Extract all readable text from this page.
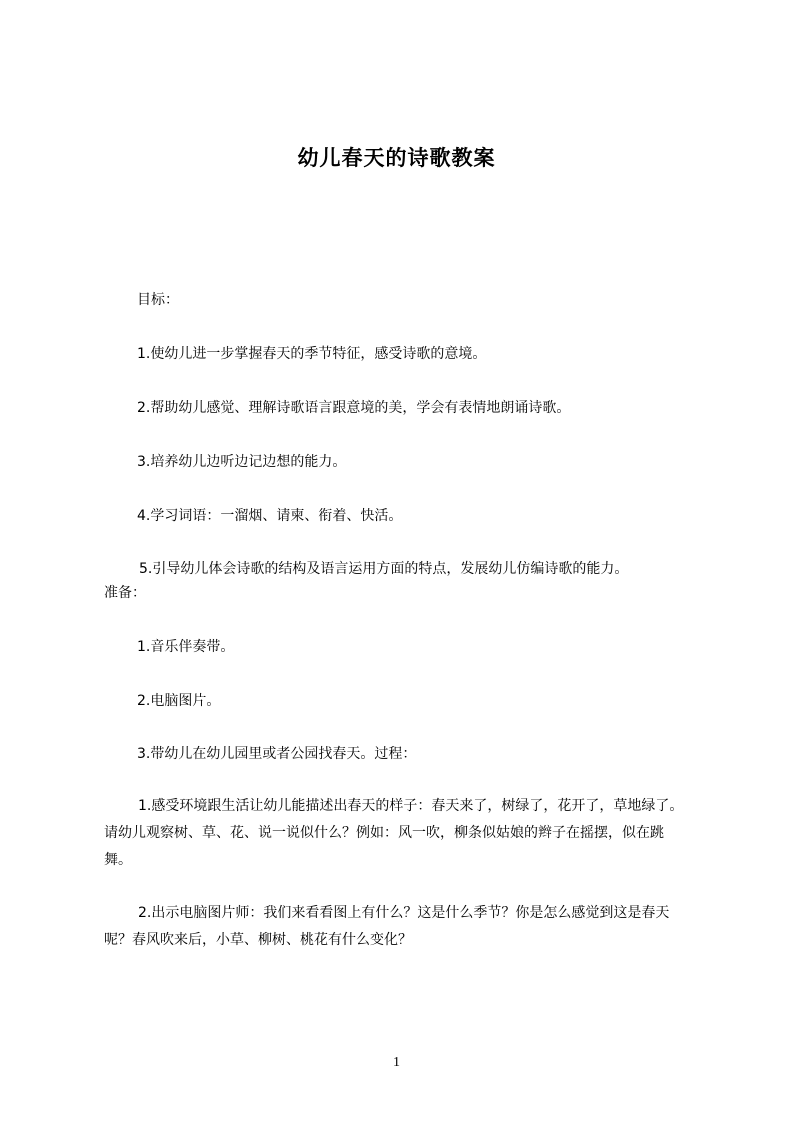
幼儿春天的诗歌教案
目标：
1.使幼儿进一步掌握春天的季节特征，感受诗歌的意境。
2.帮助幼儿感觉、理解诗歌语言跟意境的美，学会有表情地朗诵诗歌。
3.培养幼儿边听边记边想的能力。
4.学习词语：一溜烟、请柬、衔着、快活。
5.引导幼儿体会诗歌的结构及语言运用方面的特点，发展幼儿仿编诗歌的能力。
准备：
1.音乐伴奏带。
2.电脑图片。
3.带幼儿在幼儿园里或者公园找春天。过程：
1.感受环境跟生活让幼儿能描述出春天的样子：春天来了，树绿了，花开了，草地绿了。请幼儿观察树、草、花、说一说似什么？例如：风一吹，柳条似姑娘的辫子在摇摆，似在跳舞。
2.出示电脑图片师：我们来看看图上有什么？这是什么季节？你是怎么感觉到这是春天呢？春风吹来后，小草、柳树、桃花有什么变化？
1
